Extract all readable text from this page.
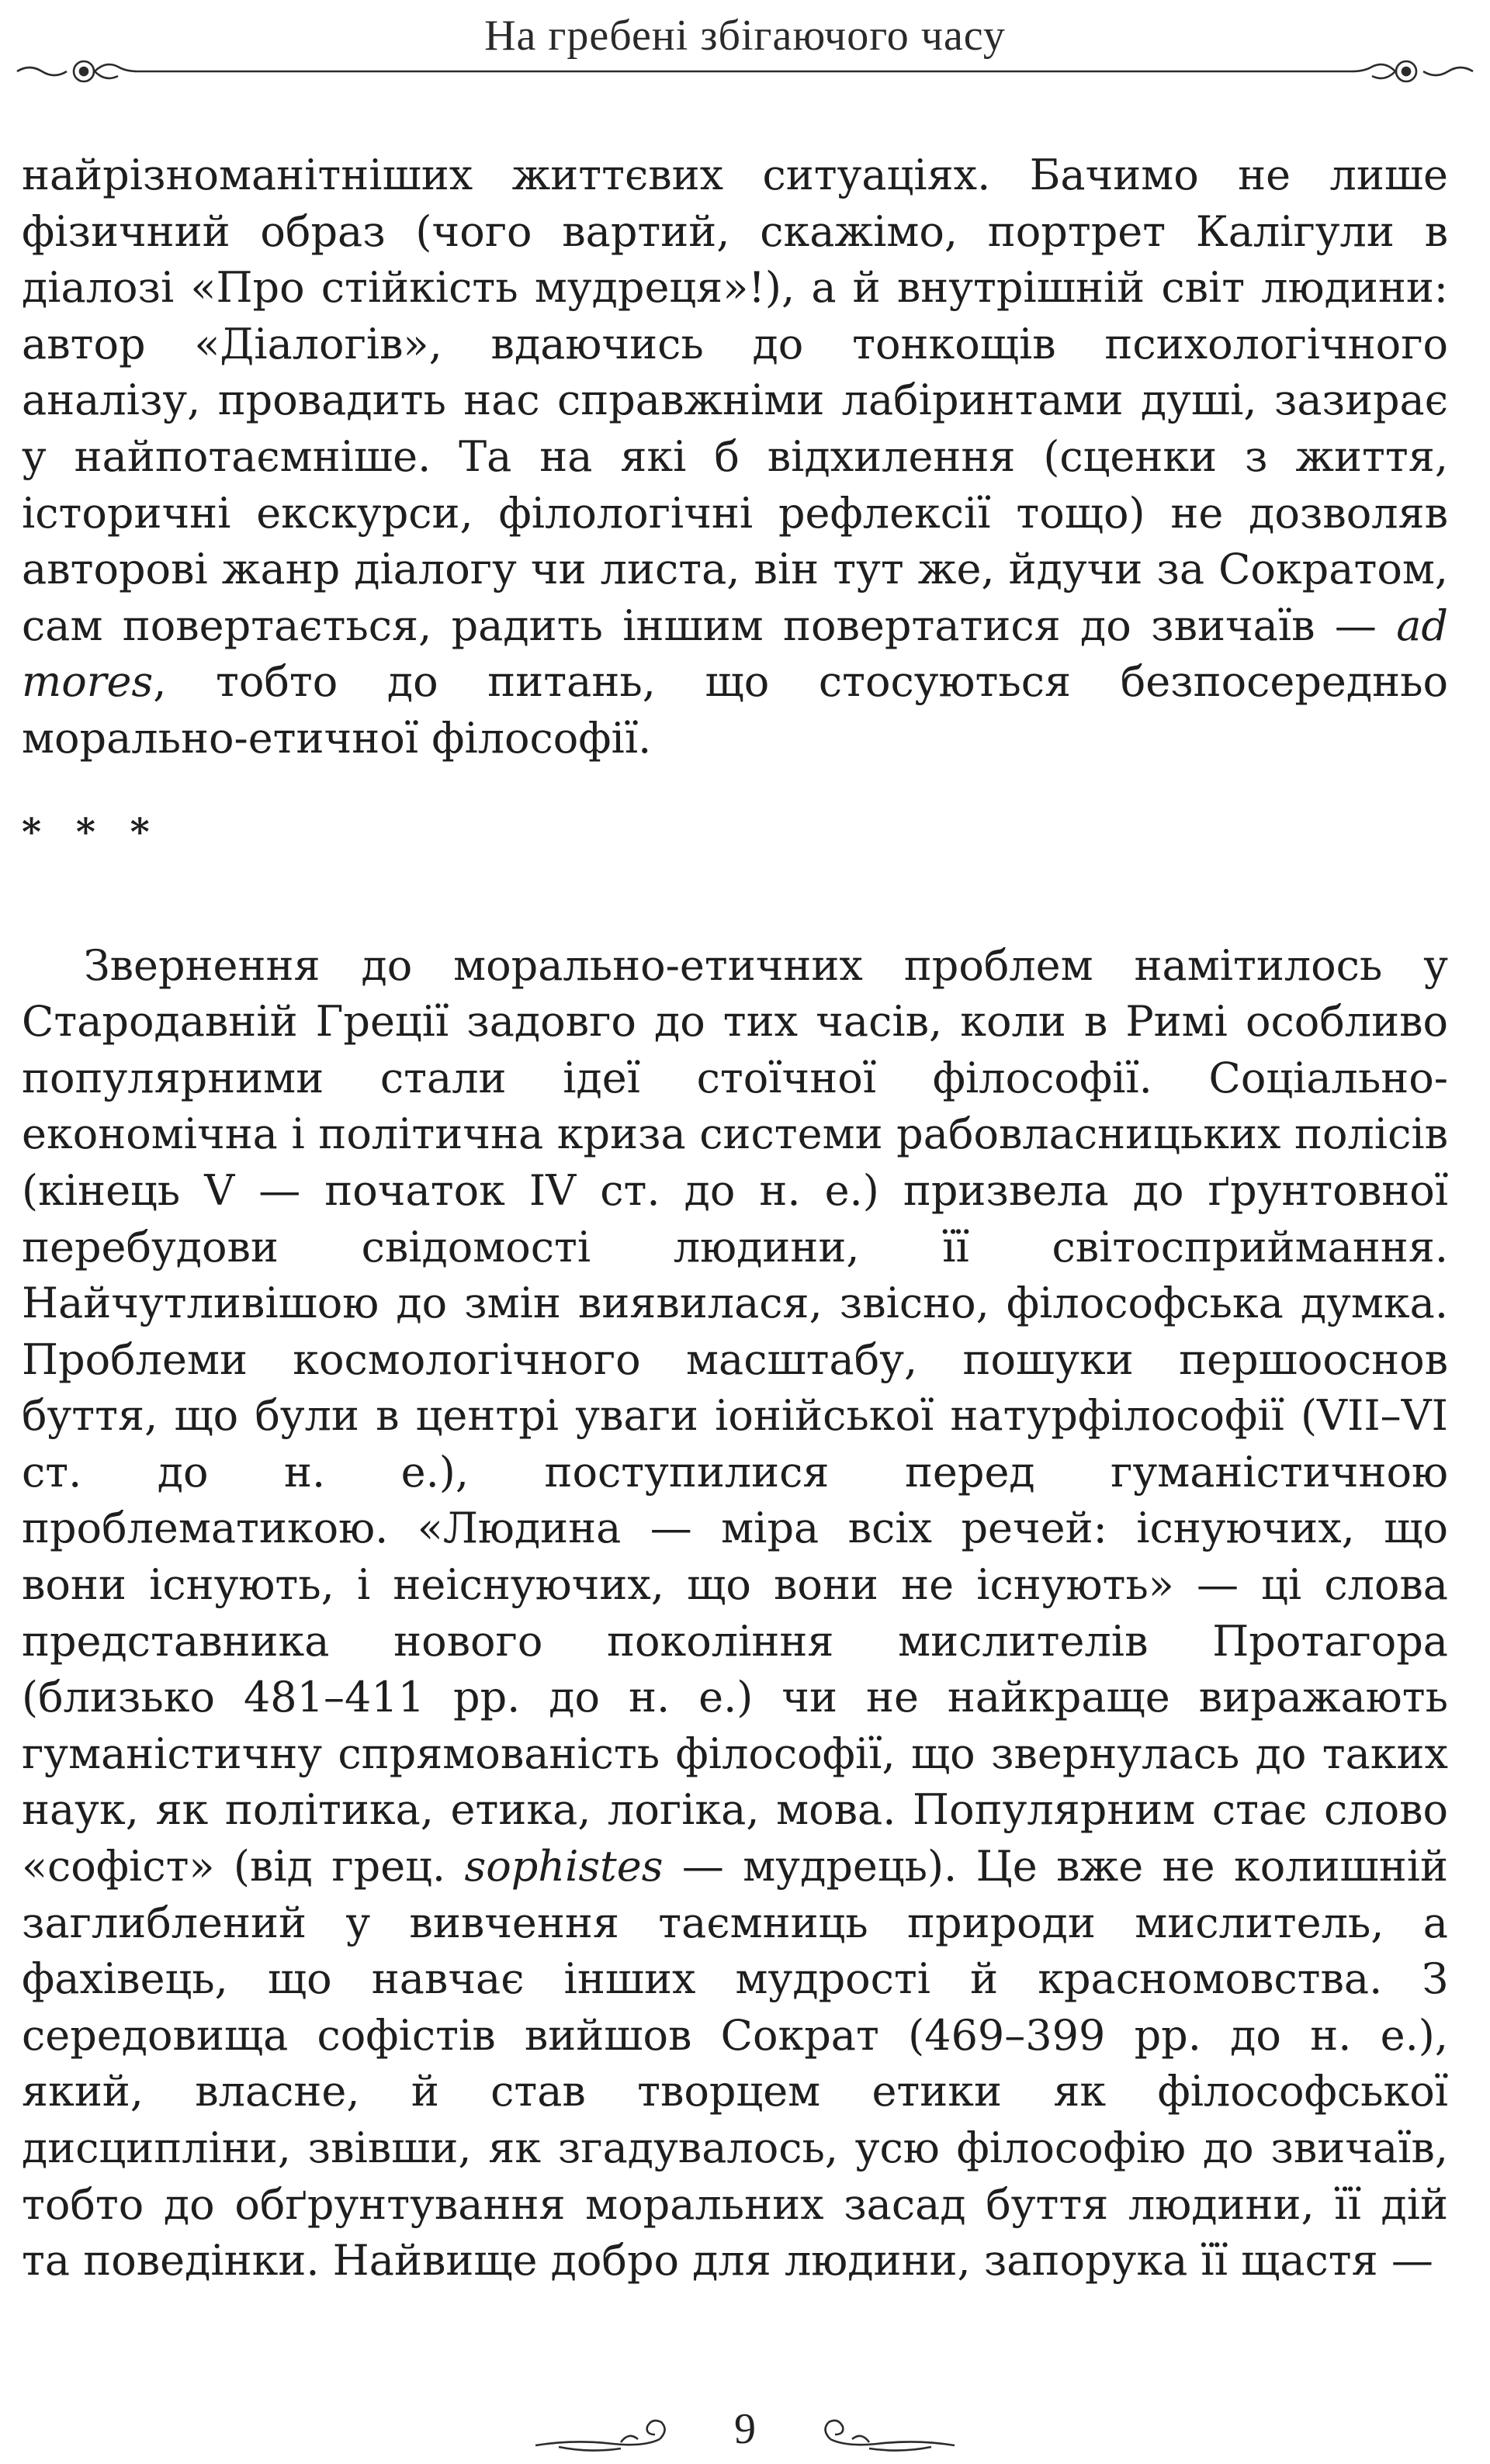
На гребені збігаючого часу

найрізноманітніших життєвих ситуаціях. Бачимо не лише фізичний образ (чого вартий, скажімо, портрет Калігули в діалозі «Про стійкість мудреця»!), а й внутрішній світ людини: автор «Діалогів», вдаючись до тонкощів психологічного аналізу, провадить нас справжніми лабіринтами душі, зазирає у найпотаємніше. Та на які б відхилення (сценки з життя, історичні екскурси, філологічні рефлексії тощо) не дозволяв авторові жанр діалогу чи листа, він тут же, йдучи за Сократом, сам повертається, радить іншим повертатися до звичаїв — ad mores, тобто до питань, що стосуються безпосередньо морально-етичної філософії.

* * *

Звернення до морально-етичних проблем намітилось у Стародавній Греції задовго до тих часів, коли в Римі особливо популярними стали ідеї стоїчної філософії. Соціально-економічна і політична криза системи рабовласницьких полісів (кінець V — початок IV ст. до н. е.) призвела до ґрунтовної перебудови свідомості людини, її світосприймання. Найчутливішою до змін виявилася, звісно, філософська думка. Проблеми космологічного масштабу, пошуки першооснов буття, що були в центрі уваги іонійської натурфілософії (VII–VI ст. до н. е.), поступилися перед гуманістичною проблематикою. «Людина — міра всіх речей: існуючих, що вони існують, і неіснуючих, що вони не існують» — ці слова представника нового покоління мислителів Протагора (близько 481–411 рр. до н. е.) чи не найкраще виражають гуманістичну спрямованість філософії, що звернулась до таких наук, як політика, етика, логіка, мова. Популярним стає слово «софіст» (від грец. sophistes — мудрець). Це вже не колишній заглиблений у вивчення таємниць природи мислитель, а фахівець, що навчає інших мудрості й красномовства. З середовища софістів вийшов Сократ (469–399 рр. до н. е.), який, власне, й став творцем етики як філософської дисципліни, звівши, як згадувалось, усю філософію до звичаїв, тобто до обґрунтування моральних засад буття людини, її дій та поведінки. Найвище добро для людини, запорука її щастя —

9
